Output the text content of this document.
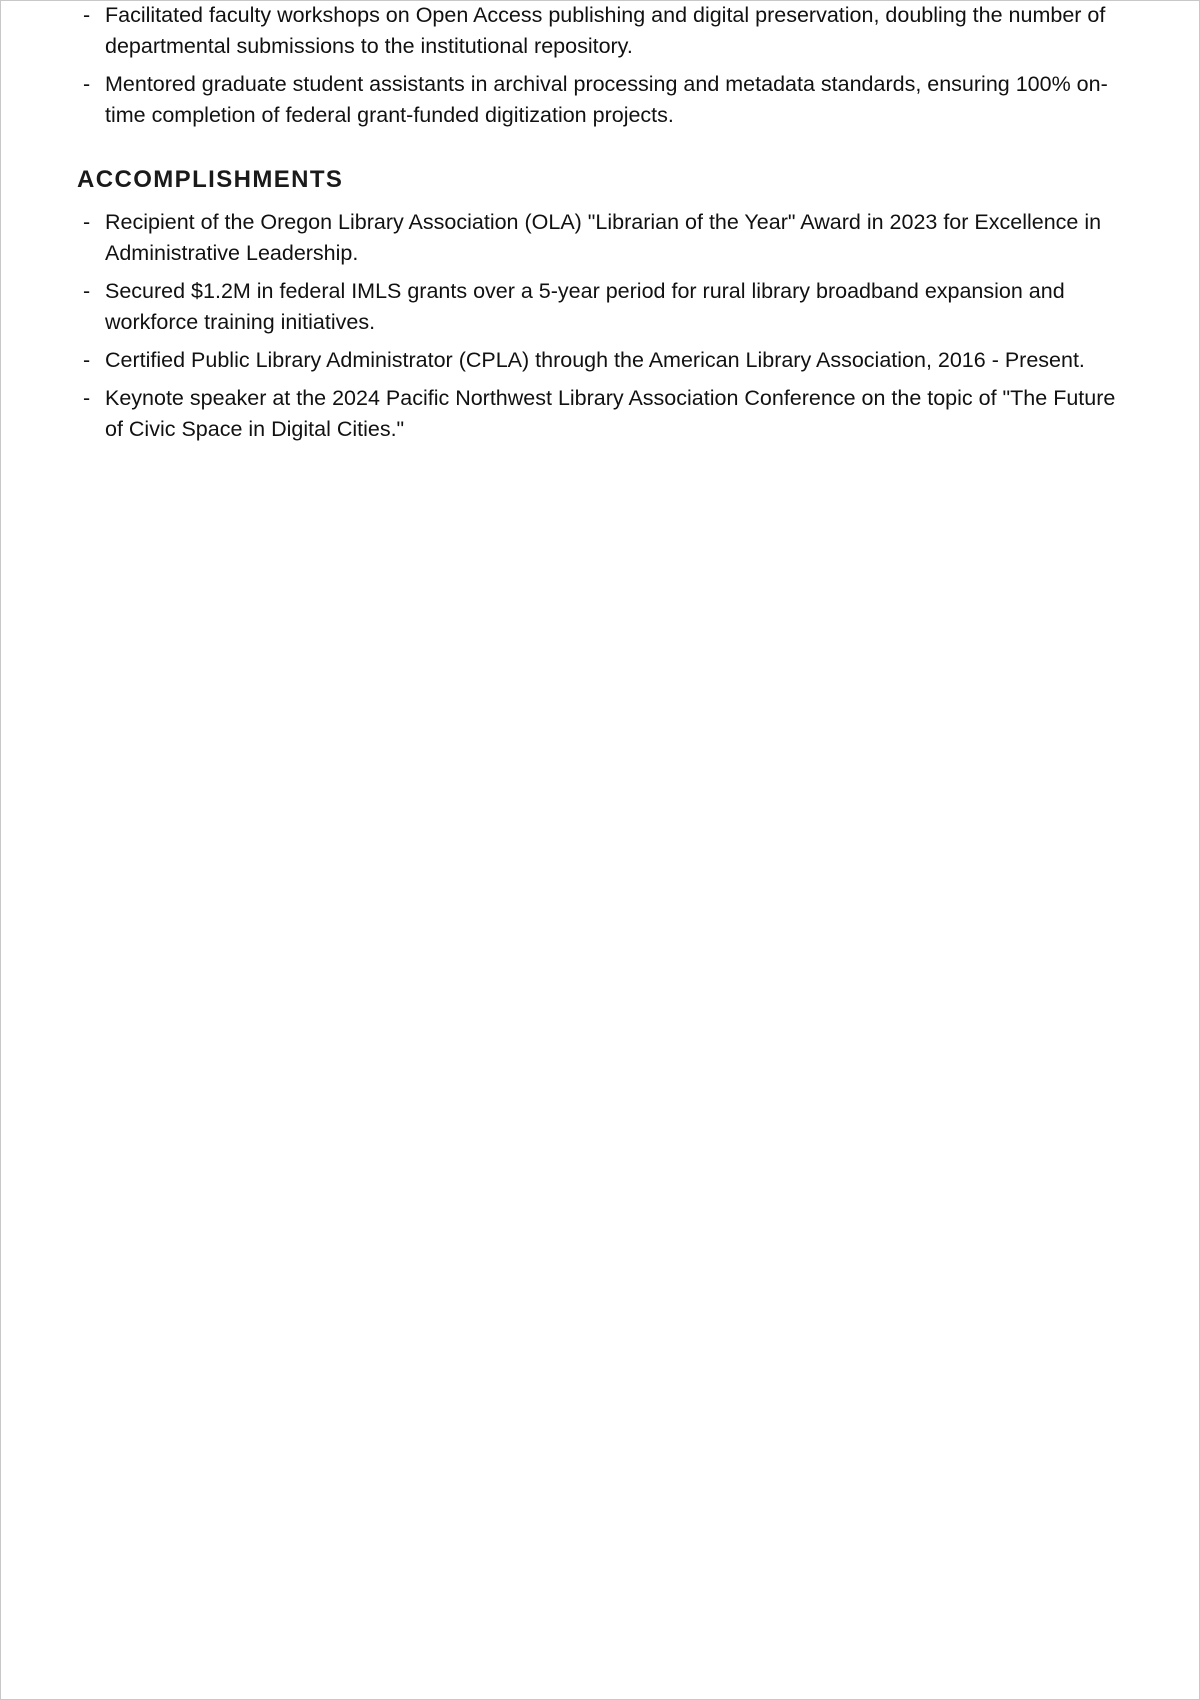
- Facilitated faculty workshops on Open Access publishing and digital preservation, doubling the number of departmental submissions to the institutional repository.
- Mentored graduate student assistants in archival processing and metadata standards, ensuring 100% on-time completion of federal grant-funded digitization projects.
ACCOMPLISHMENTS
- Recipient of the Oregon Library Association (OLA) "Librarian of the Year" Award in 2023 for Excellence in Administrative Leadership.
- Secured $1.2M in federal IMLS grants over a 5-year period for rural library broadband expansion and workforce training initiatives.
- Certified Public Library Administrator (CPLA) through the American Library Association, 2016 - Present.
- Keynote speaker at the 2024 Pacific Northwest Library Association Conference on the topic of "The Future of Civic Space in Digital Cities."
